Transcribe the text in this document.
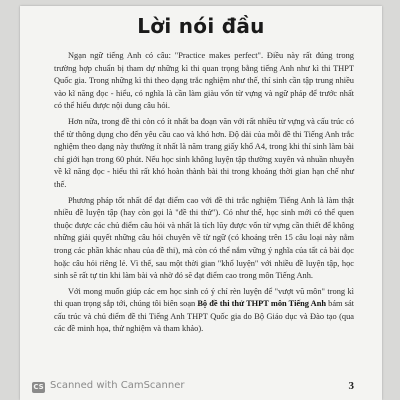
Lời nói đầu

Ngạn ngữ tiếng Anh có câu: "Practice makes perfect". Điều này rất đúng trong trường hợp chuẩn bị tham dự những kì thi quan trọng bằng tiếng Anh như kì thi THPT Quốc gia. Trong những kì thi theo dạng trắc nghiệm như thế, thí sinh cần tập trung nhiều vào kĩ năng đọc - hiểu, có nghĩa là cần làm giàu vốn từ vựng và ngữ pháp để trước nhất có thể hiểu được nội dung câu hỏi.

Hơn nữa, trong đề thi còn có ít nhất ba đoạn văn với rất nhiều từ vựng và cấu trúc có thể từ thông dụng cho đến yêu cầu cao và khó hơn. Độ dài của mỗi đề thi Tiếng Anh trắc nghiệm theo dạng này thường ít nhất là năm trang giấy khổ A4, trong khi thí sinh làm bài chỉ giới hạn trong 60 phút. Nếu học sinh không luyện tập thường xuyên và nhuần nhuyễn về kĩ năng đọc - hiểu thì rất khó hoàn thành bài thi trong khoảng thời gian hạn chế như thế.

Phương pháp tốt nhất để đạt điểm cao với đề thi trắc nghiệm Tiếng Anh là làm thật nhiều đề luyện tập (hay còn gọi là "đề thi thử"). Có như thế, học sinh mới có thể quen thuộc được các chủ điểm câu hỏi và nhất là tích lũy được vốn từ vựng cần thiết để không những giải quyết những câu hỏi chuyên về từ ngữ (có khoảng trên 15 câu loại này nằm trong các phần khác nhau của đề thi), mà còn có thể nắm vững ý nghĩa của tất cả bài đọc hoặc câu hỏi riêng lẻ. Vì thế, sau một thời gian "khổ luyện" với nhiều đề luyện tập, học sinh sẽ rất tự tin khi làm bài và nhờ đó sẽ đạt điểm cao trong môn Tiếng Anh.

Với mong muốn giúp các em học sinh có ý chí rèn luyện để "vượt vũ môn" trong kì thi quan trọng sắp tới, chúng tôi biên soạn Bộ đề thi thử THPT môn Tiếng Anh bám sát cấu trúc và chủ điểm đề thi Tiếng Anh THPT Quốc gia do Bộ Giáo dục và Đào tạo (qua các đề minh họa, thử nghiệm và tham khảo).

CS Scanned with CamScanner	3
